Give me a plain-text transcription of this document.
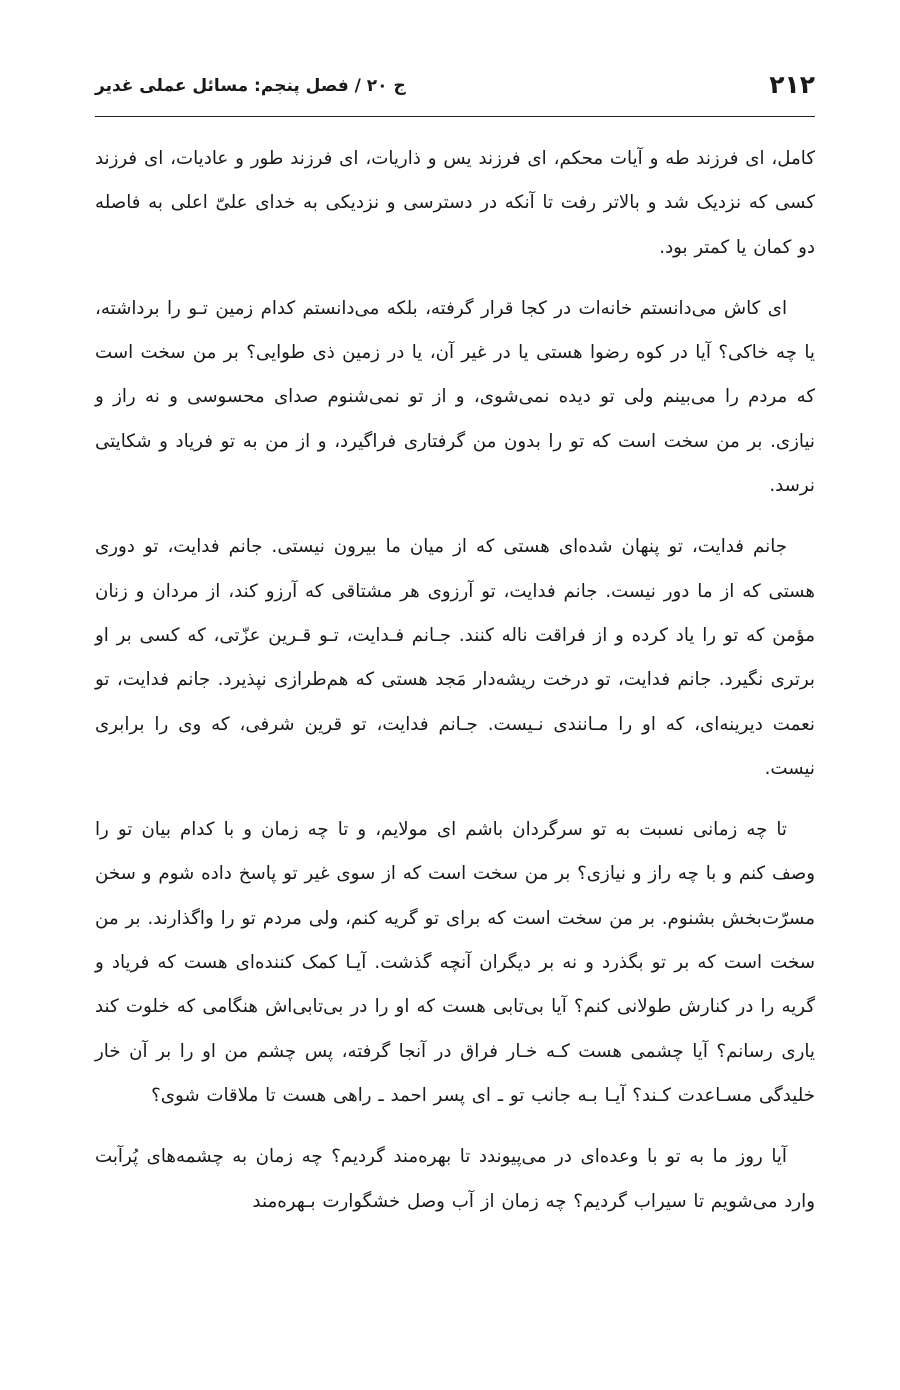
۲۱۲
ج ۲۰ / فصل پنجم: مسائل عملی غدیر

کامل، ای فرزند طه و آیات محکم، ای فرزند یس و ذاریات، ای فرزند طور و عادیات، ای فرزند کسی که نزدیک شد و بالاتر رفت تا آنکه در دسترسی و نزدیکی به خدای علیّ اعلی به فاصله دو کمان یا کمتر بود.

ای کاش می‌دانستم خانه‌ات در کجا قرار گرفته، بلکه می‌دانستم کدام زمین تـو را برداشته، یا چه خاکی؟ آیا در کوه رضوا هستی یا در غیر آن، یا در زمین ذی طوایی؟ بر من سخت است که مردم را می‌بینم ولی تو دیده نمی‌شوی، و از تو نمی‌شنوم صدای محسوسی و نه راز و نیازی. بر من سخت است که تو را بدون من گرفتاری فراگیرد، و از من به تو فریاد و شکایتی نرسد.

جانم فدایت، تو پنهان شده‌ای هستی که از میان ما بیرون نیستی. جانم فدایت، تو دوری هستی که از ما دور نیست. جانم فدایت، تو آرزوی هر مشتاقی که آرزو کند، از مردان و زنان مؤمن که تو را یاد کرده و از فراقت ناله کنند. جـانم فـدایت، تـو قـرین عزّتی، که کسی بر او برتری نگیرد. جانم فدایت، تو درخت ریشه‌دار مَجد هستی که هم‌طرازی نپذیرد. جانم فدایت، تو نعمت دیرینه‌ای، که او را مـانندی نـیست. جـانم فدایت، تو قرین شرفی، که وی را برابری نیست.

تا چه زمانی نسبت به تو سرگردان باشم ای مولایم، و تا چه زمان و با کدام بیان تو را وصف کنم و با چه راز و نیازی؟ بر من سخت است که از سوی غیر تو پاسخ داده شوم و سخن مسرّت‌بخش بشنوم. بر من سخت است که برای تو گریه کنم، ولی مردم تو را واگذارند. بر من سخت است که بر تو بگذرد و نه بر دیگران آنچه گذشت. آیـا کمک کننده‌ای هست که فریاد و گریه را در کنارش طولانی کنم؟ آیا بی‌تابی هست که او را در بی‌تابی‌اش هنگامی که خلوت کند یاری رسانم؟ آیا چشمی هست کـه خـار فراق در آنجا گرفته، پس چشم من او را بر آن خار خلیدگی مسـاعدت کـند؟ آیـا بـه جانب تو ـ ای پسر احمد ـ راهی هست تا ملاقات شوی؟

آیا روز ما به تو با وعده‌ای در می‌پیوندد تا بهره‌مند گردیم؟ چه زمان به چشمه‌های پُرآبت وارد می‌شویم تا سیراب گردیم؟ چه زمان از آب وصل خشگوارت بـهره‌مند
